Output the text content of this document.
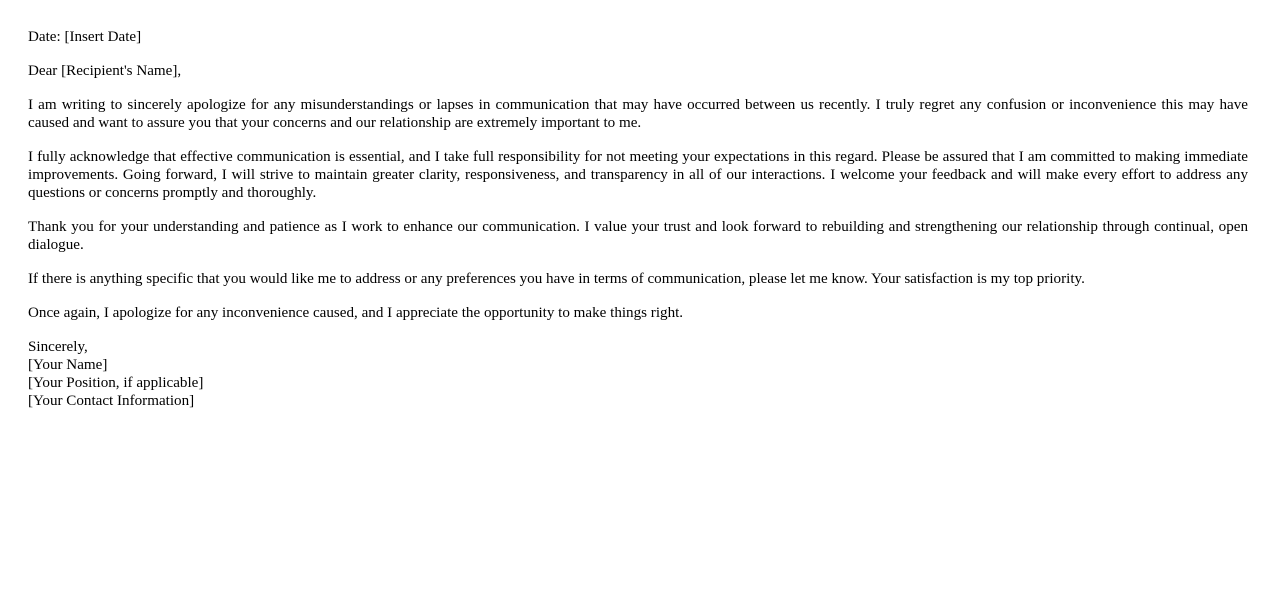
Date: [Insert Date]

Dear [Recipient's Name],

I am writing to sincerely apologize for any misunderstandings or lapses in communication that may have occurred between us recently. I truly regret any confusion or inconvenience this may have caused and want to assure you that your concerns and our relationship are extremely important to me.

I fully acknowledge that effective communication is essential, and I take full responsibility for not meeting your expectations in this regard. Please be assured that I am committed to making immediate improvements. Going forward, I will strive to maintain greater clarity, responsiveness, and transparency in all of our interactions. I welcome your feedback and will make every effort to address any questions or concerns promptly and thoroughly.

Thank you for your understanding and patience as I work to enhance our communication. I value your trust and look forward to rebuilding and strengthening our relationship through continual, open dialogue.

If there is anything specific that you would like me to address or any preferences you have in terms of communication, please let me know. Your satisfaction is my top priority.

Once again, I apologize for any inconvenience caused, and I appreciate the opportunity to make things right.

Sincerely,
[Your Name]
[Your Position, if applicable]
[Your Contact Information]
